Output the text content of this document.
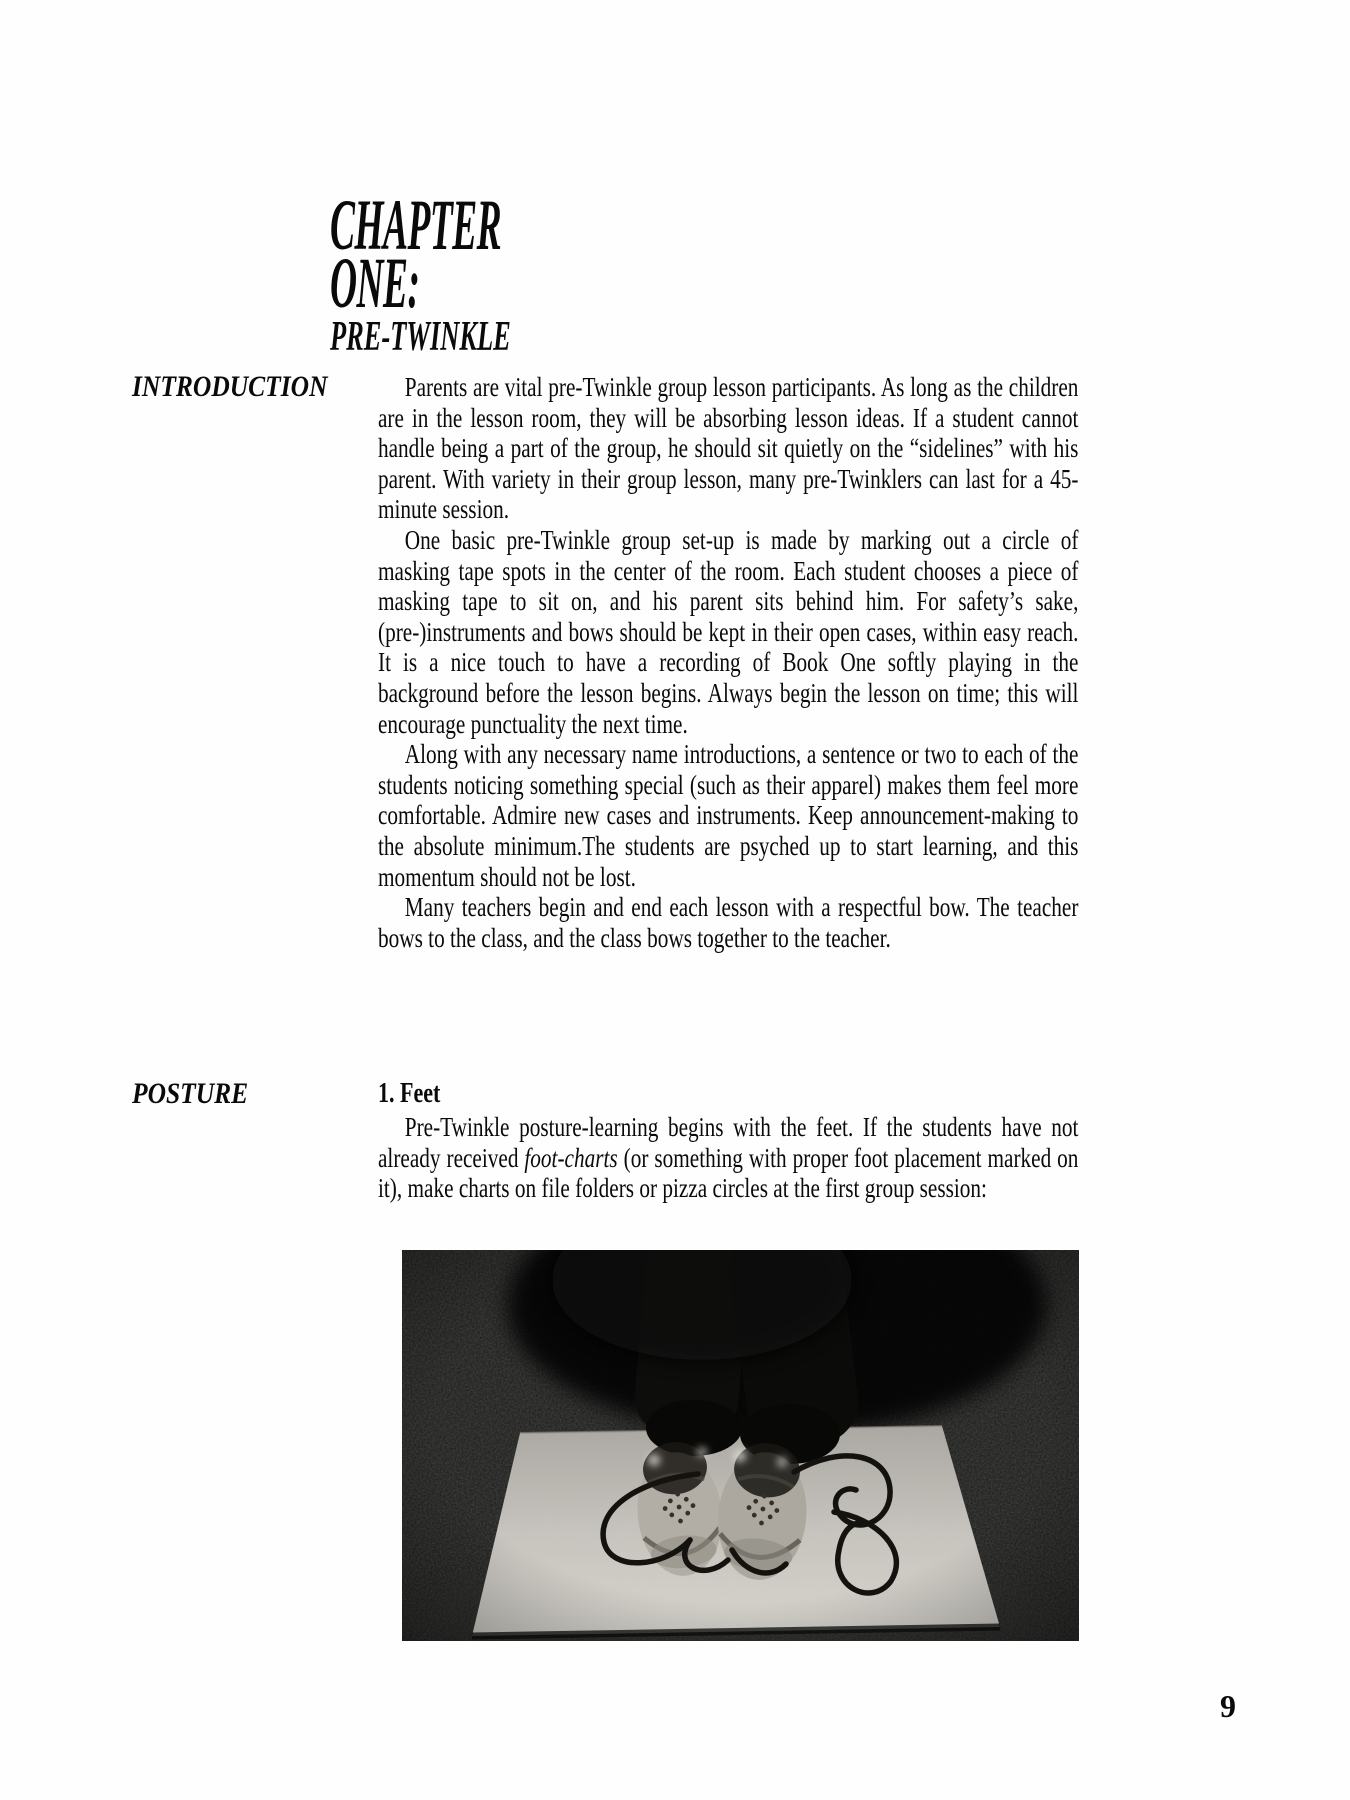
CHAPTER
ONE:
PRE-TWINKLE
INTRODUCTION	Parents are vital pre-Twinkle group lesson participants. As long as the children are in the lesson room, they will be absorbing lesson ideas. If a student cannot handle being a part of the group, he should sit quietly on the “sidelines” with his parent. With variety in their group lesson, many pre-Twinklers can last for a 45-minute session.

One basic pre-Twinkle group set-up is made by marking out a circle of masking tape spots in the center of the room. Each student chooses a piece of masking tape to sit on, and his parent sits behind him. For safety’s sake, (pre-)instruments and bows should be kept in their open cases, within easy reach. It is a nice touch to have a recording of Book One softly playing in the background before the lesson begins. Always begin the lesson on time; this will encourage punctuality the next time.

Along with any necessary name introductions, a sentence or two to each of the students noticing something special (such as their apparel) makes them feel more comfortable. Admire new cases and instruments. Keep announcement-making to the absolute minimum.The students are psyched up to start learning, and this momentum should not be lost.

Many teachers begin and end each lesson with a respectful bow. The teacher bows to the class, and the class bows together to the teacher.

POSTURE	1. Feet

Pre-Twinkle posture-learning begins with the feet. If the students have not already received foot-charts (or something with proper foot placement marked on it), make charts on file folders or pizza circles at the first group session:

9
